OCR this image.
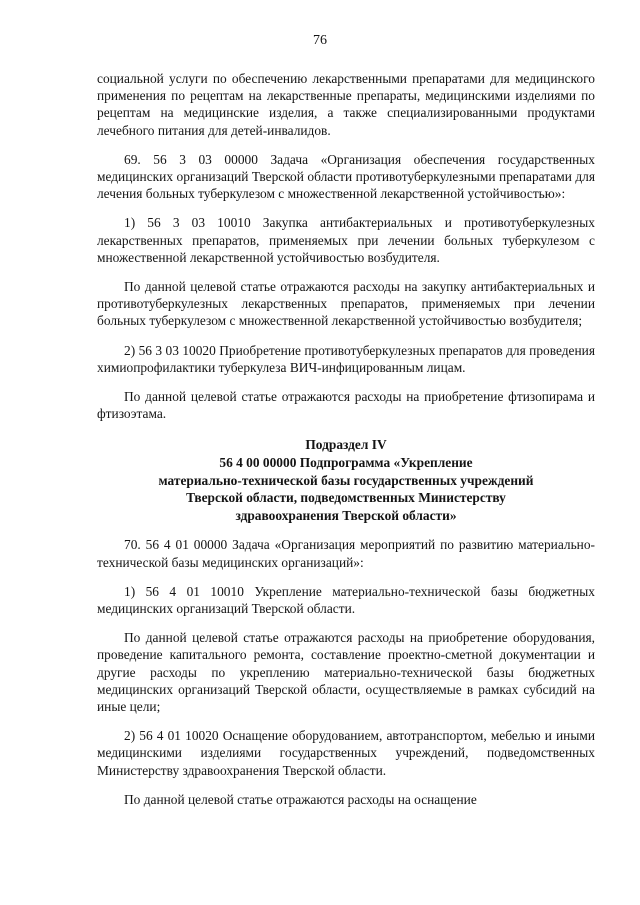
76

социальной услуги по обеспечению лекарственными препаратами для медицинского применения по рецептам на лекарственные препараты, медицинскими изделиями по рецептам на медицинские изделия, а также специализированными продуктами лечебного питания для детей-инвалидов.

69. 56 3 03 00000 Задача «Организация обеспечения государственных медицинских организаций Тверской области противотуберкулезными препаратами для лечения больных туберкулезом с множественной лекарственной устойчивостью»:

1) 56 3 03 10010 Закупка антибактериальных и противотуберкулезных лекарственных препаратов, применяемых при лечении больных туберкулезом с множественной лекарственной устойчивостью возбудителя.

По данной целевой статье отражаются расходы на закупку антибактериальных и противотуберкулезных лекарственных препаратов, применяемых при лечении больных туберкулезом с множественной лекарственной устойчивостью возбудителя;

2) 56 3 03 10020 Приобретение противотуберкулезных препаратов для проведения химиопрофилактики туберкулеза ВИЧ-инфицированным лицам.

По данной целевой статье отражаются расходы на приобретение фтизопирама и фтизоэтама.

Подраздел IV
56 4 00 00000 Подпрограмма «Укрепление
материально-технической базы государственных учреждений
Тверской области, подведомственных Министерству
здравоохранения Тверской области»

70. 56 4 01 00000 Задача «Организация мероприятий по развитию материально-технической базы медицинских организаций»:

1) 56 4 01 10010 Укрепление материально-технической базы бюджетных медицинских организаций Тверской области.

По данной целевой статье отражаются расходы на приобретение оборудования, проведение капитального ремонта, составление проектно-сметной документации и другие расходы по укреплению материально-технической базы бюджетных медицинских организаций Тверской области, осуществляемые в рамках субсидий на иные цели;

2) 56 4 01 10020 Оснащение оборудованием, автотранспортом, мебелью и иными медицинскими изделиями государственных учреждений, подведомственных Министерству здравоохранения Тверской области.

По данной целевой статье отражаются расходы на оснащение
